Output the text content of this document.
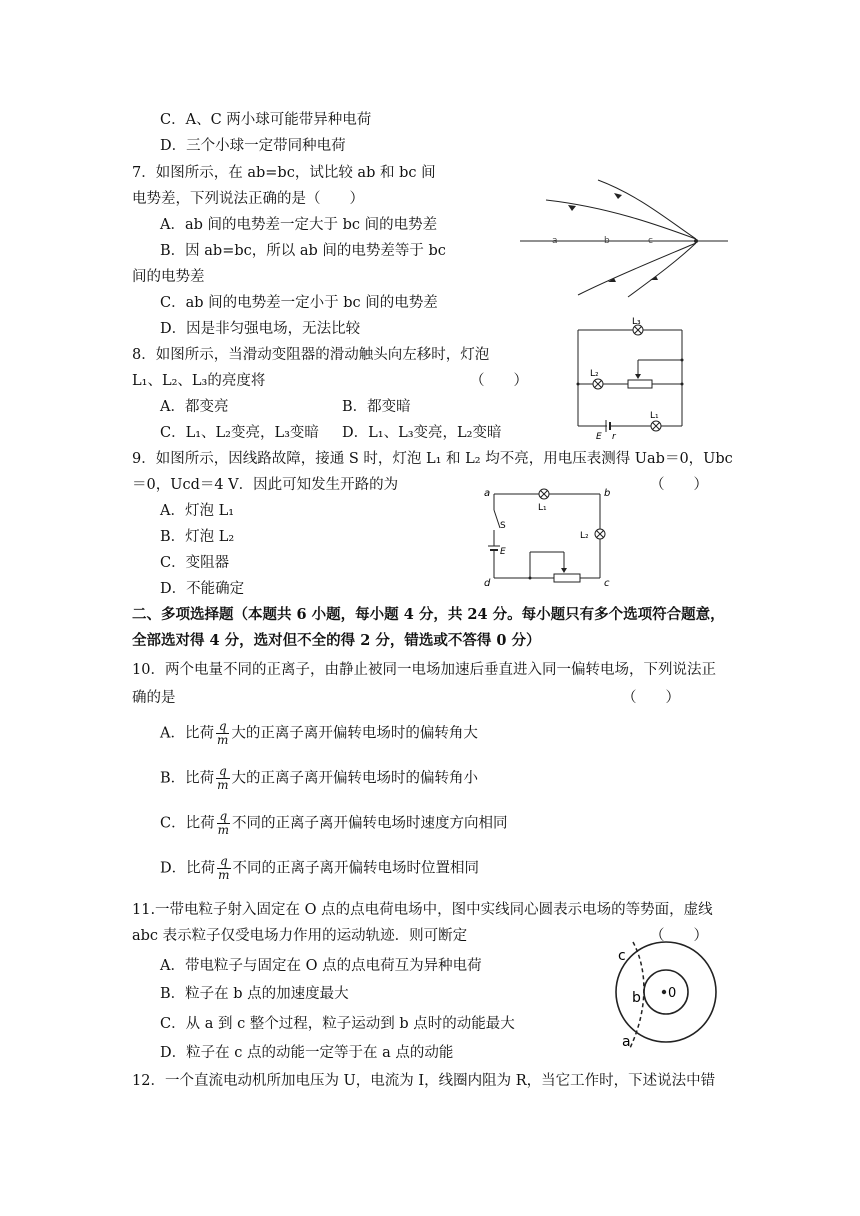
C．A、C 两小球可能带异种电荷
D．三个小球一定带同种电荷
7．如图所示，在 ab=bc，试比较 ab 和 bc 间
电势差，下列说法正确的是（　　）
A．ab 间的电势差一定大于 bc 间的电势差
B．因 ab=bc，所以 ab 间的电势差等于 bc
间的电势差
C．ab 间的电势差一定小于 bc 间的电势差
D．因是非匀强电场，无法比较
a	b	c
8．如图所示，当滑动变阻器的滑动触头向左移时，灯泡
L₁、L₂、L₃的亮度将	（　　）
A．都变亮	B．都变暗
C．L₁、L₂变亮，L₃变暗 D．L₁、L₃变亮，L₂变暗
L₃
L₂
E r
L₁
9．如图所示，因线路故障，接通 S 时，灯泡 L₁ 和 L₂ 均不亮，用电压表测得 Uab＝0，Ubc
＝0，Ucd＝4 V．因此可知发生开路的为	（　　）
A．灯泡 L₁
B．灯泡 L₂
C．变阻器
D．不能确定
a	b
c
d
L₁
L₂
S
E
二、多项选择题（本题共 6 小题，每小题 4 分，共 24 分。每小题只有多个选项符合题意，
全部选对得 4 分，选对但不全的得 2 分，错选或不答得 0 分）
10．两个电量不同的正离子，由静止被同一电场加速后垂直进入同一偏转电场，下列说法正
确的是	（　　）
A．比荷 $\frac{q}{m}$ 大的正离子离开偏转电场时的偏转角大
B．比荷 $\frac{q}{m}$ 大的正离子离开偏转电场时的偏转角小
C．比荷 $\frac{q}{m}$ 不同的正离子离开偏转电场时速度方向相同
D．比荷 $\frac{q}{m}$ 不同的正离子离开偏转电场时位置相同
11.一带电粒子射入固定在 O 点的点电荷电场中，图中实线同心圆表示电场的等势面，虚线
abc 表示粒子仅受电场力作用的运动轨迹．则可断定	（　　）
A．带电粒子与固定在 O 点的点电荷互为异种电荷
B．粒子在 b 点的加速度最大
C．从 a 到 c 整个过程，粒子运动到 b 点时的动能最大
D．粒子在 c 点的动能一定等于在 a 点的动能
c
b 0
a
12．一个直流电动机所加电压为 U，电流为 I，线圈内阻为 R，当它工作时，下述说法中错
